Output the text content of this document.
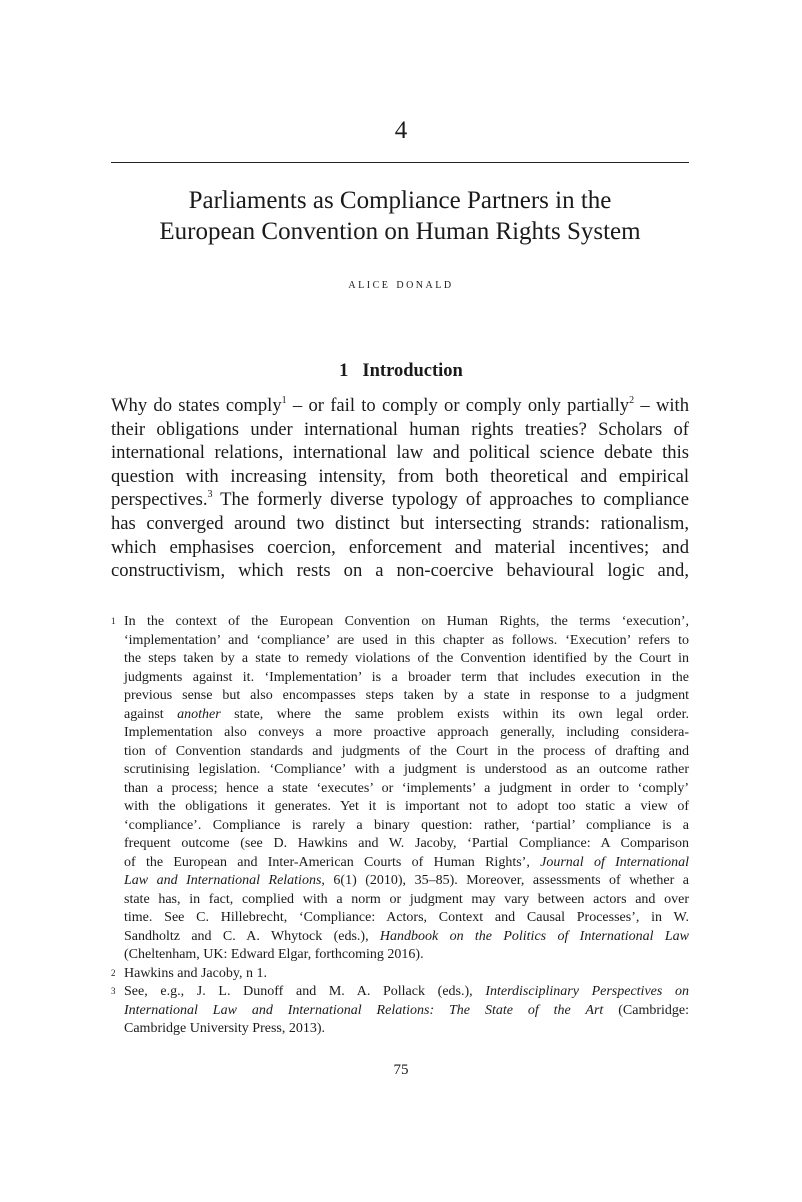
4
Parliaments as Compliance Partners in the
European Convention on Human Rights System
alice donald
1 Introduction
Why do states comply$^1$ – or fail to comply or comply only partially$^2$ – with
their obligations under international human rights treaties? Scholars of
international relations, international law and political science debate this
question with increasing intensity, from both theoretical and empirical
perspectives.$^3$ The formerly diverse typology of approaches to compliance
has converged around two distinct but intersecting strands: rationalism,
which emphasises coercion, enforcement and material incentives; and
constructivism, which rests on a non-coercive behavioural logic and,
1 In the context of the European Convention on Human Rights, the terms ‘execution’,
‘implementation’ and ‘compliance’ are used in this chapter as follows. ‘Execution’ refers to
the steps taken by a state to remedy violations of the Convention identified by the Court in
judgments against it. ‘Implementation’ is a broader term that includes execution in the
previous sense but also encompasses steps taken by a state in response to a judgment
against another state, where the same problem exists within its own legal order.
Implementation also conveys a more proactive approach generally, including considera-
tion of Convention standards and judgments of the Court in the process of drafting and
scrutinising legislation. ‘Compliance’ with a judgment is understood as an outcome rather
than a process; hence a state ‘executes’ or ‘implements’ a judgment in order to ‘comply’
with the obligations it generates. Yet it is important not to adopt too static a view of
‘compliance’. Compliance is rarely a binary question: rather, ‘partial’ compliance is a
frequent outcome (see D. Hawkins and W. Jacoby, ‘Partial Compliance: A Comparison
of the European and Inter-American Courts of Human Rights’, Journal of International
Law and International Relations, 6(1) (2010), 35–85). Moreover, assessments of whether a
state has, in fact, complied with a norm or judgment may vary between actors and over
time. See C. Hillebrecht, ‘Compliance: Actors, Context and Causal Processes’, in W.
Sandholtz and C. A. Whytock (eds.), Handbook on the Politics of International Law
(Cheltenham, UK: Edward Elgar, forthcoming 2016).
2 Hawkins and Jacoby, n 1.
3 See, e.g., J. L. Dunoff and M. A. Pollack (eds.), Interdisciplinary Perspectives on
International Law and International Relations: The State of the Art (Cambridge:
Cambridge University Press, 2013).
75
